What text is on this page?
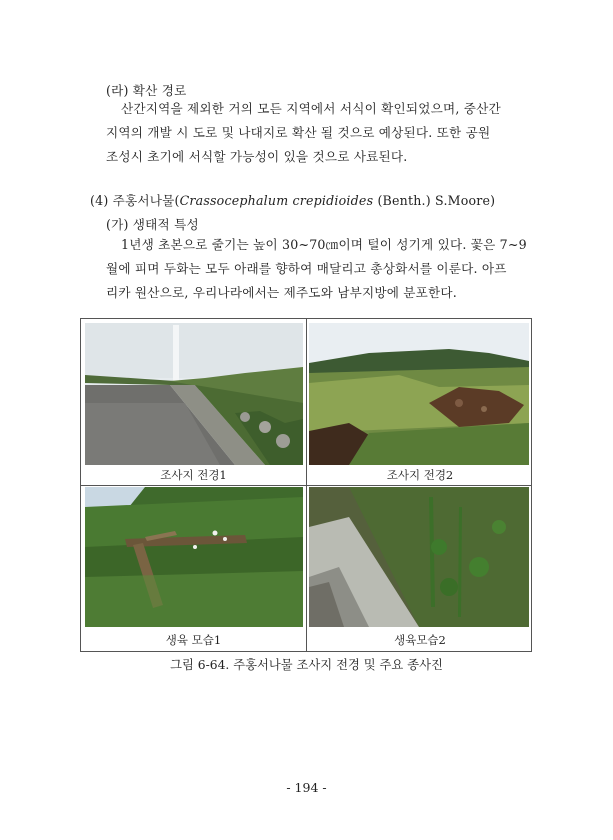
(라) 확산 경로
산간지역을 제외한 거의 모든 지역에서 서식이 확인되었으며, 중산간
지역의 개발 시 도로 및 나대지로 확산 될 것으로 예상된다. 또한 공원
조성시 초기에 서식할 가능성이 있을 것으로 사료된다.
(4) 주홍서나물(Crassocephalum crepidioides (Benth.) S.Moore)
(가) 생태적 특성
1년생 초본으로 줄기는 높이 30~70㎝이며 털이 성기게 있다. 꽃은 7~9
월에 피며 두화는 모두 아래를 향하여 매달리고 총상화서를 이룬다. 아프
리카 원산으로, 우리나라에서는 제주도와 남부지방에 분포한다.
조사지 전경1	조사지 전경2
생육 모습1	생육모습2
그림 6-64. 주홍서나물 조사지 전경 및 주요 종사진
- 194 -
